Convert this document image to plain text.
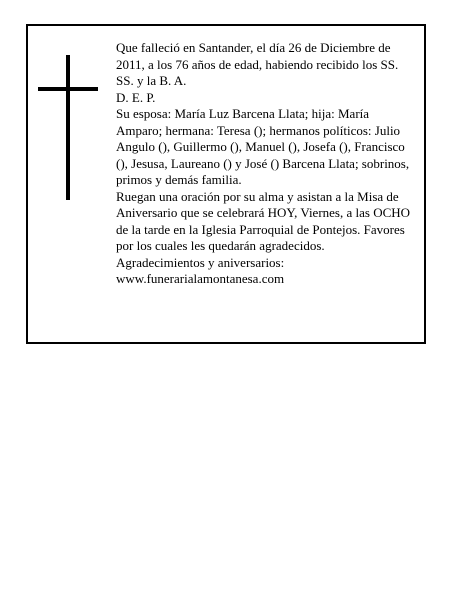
Que falleció en Santander, el día 26 de Diciembre de 2011, a los 76 años de edad, habiendo recibido los SS. SS. y la B. A.

D. E. P.

Su esposa: María Luz Barcena Llata; hija: María Amparo; hermana: Teresa (); hermanos políticos: Julio Angulo (), Guillermo (), Manuel (), Josefa (), Francisco (), Jesusa, Laureano () y José () Barcena Llata; sobrinos, primos y demás familia.

Ruegan una oración por su alma y asistan a la Misa de Aniversario que se celebrará HOY, Viernes, a las OCHO de la tarde en la Iglesia Parroquial de Pontejos. Favores por los cuales les quedarán agradecidos.

Agradecimientos y aniversarios:

www.funerarialamontanesa.com
